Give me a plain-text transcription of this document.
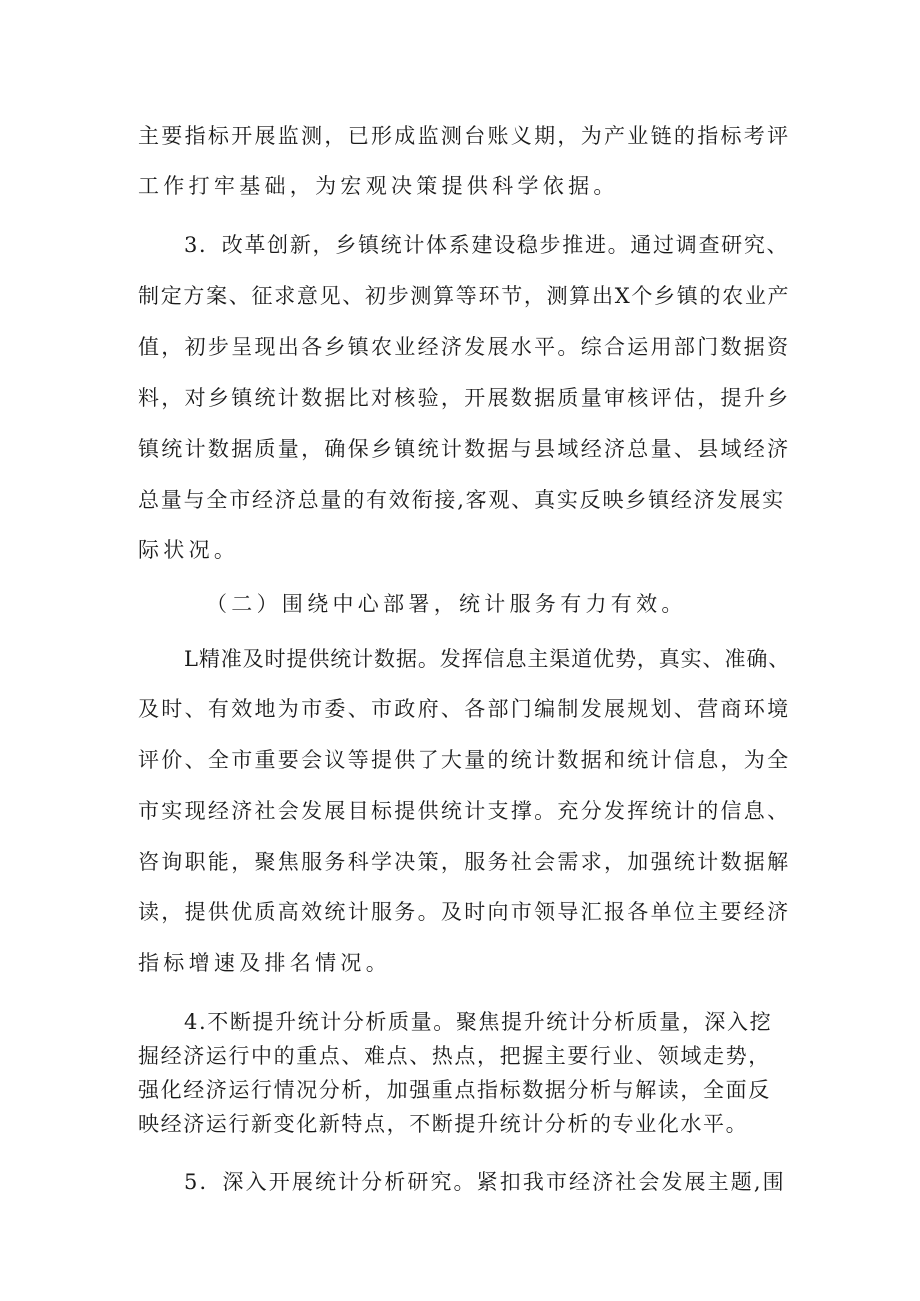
主要指标开展监测，已形成监测台账义期，为产业链的指标考评
工作打牢基础，为宏观决策提供科学依据。
3．改革创新，乡镇统计体系建设稳步推进。通过调查研究、
制定方案、征求意见、初步测算等环节，测算出X个乡镇的农业产
值，初步呈现出各乡镇农业经济发展水平。综合运用部门数据资
料，对乡镇统计数据比对核验，开展数据质量审核评估，提升乡
镇统计数据质量，确保乡镇统计数据与县域经济总量、县域经济
总量与全市经济总量的有效衔接,客观、真实反映乡镇经济发展实
际状况。
（二）围绕中心部署，统计服务有力有效。
L精准及时提供统计数据。发挥信息主渠道优势，真实、准确、
及时、有效地为市委、市政府、各部门编制发展规划、营商环境
评价、全市重要会议等提供了大量的统计数据和统计信息，为全
市实现经济社会发展目标提供统计支撑。充分发挥统计的信息、
咨询职能，聚焦服务科学决策，服务社会需求，加强统计数据解
读，提供优质高效统计服务。及时向市领导汇报各单位主要经济
指标增速及排名情况。
4.不断提升统计分析质量。聚焦提升统计分析质量，深入挖
掘经济运行中的重点、难点、热点，把握主要行业、领域走势，
强化经济运行情况分析，加强重点指标数据分析与解读，全面反
映经济运行新变化新特点，不断提升统计分析的专业化水平。
5．深入开展统计分析研究。紧扣我市经济社会发展主题,围
